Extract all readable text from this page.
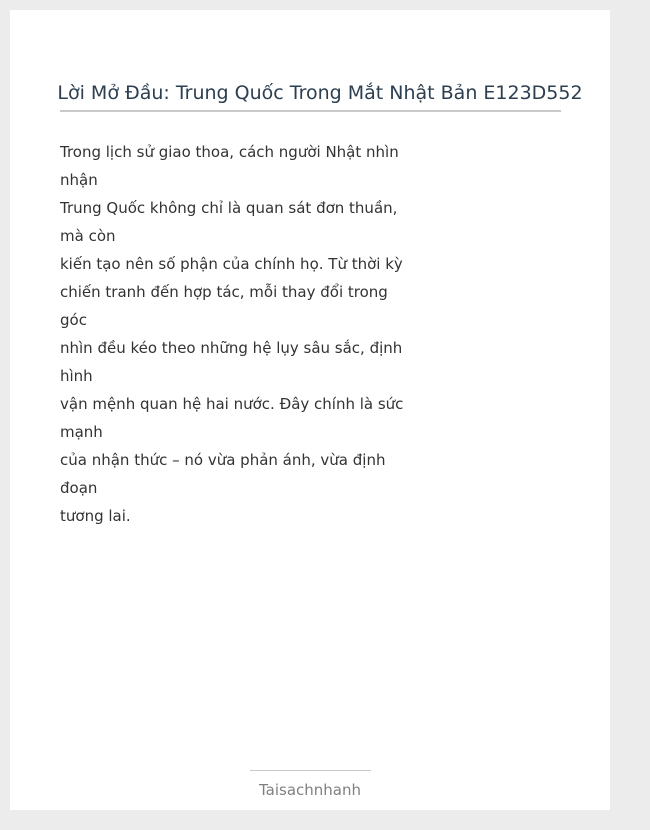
Lời Mở Đầu: Trung Quốc Trong Mắt Nhật Bản E123D552
Trong lịch sử giao thoa, cách người Nhật nhìn
nhận
Trung Quốc không chỉ là quan sát đơn thuần,
mà còn
kiến tạo nên số phận của chính họ. Từ thời kỳ
chiến tranh đến hợp tác, mỗi thay đổi trong
góc
nhìn đều kéo theo những hệ lụy sâu sắc, định
hình
vận mệnh quan hệ hai nước. Đây chính là sức
mạnh
của nhận thức – nó vừa phản ánh, vừa định
đoạn
tương lai.
Taisachnhanh
